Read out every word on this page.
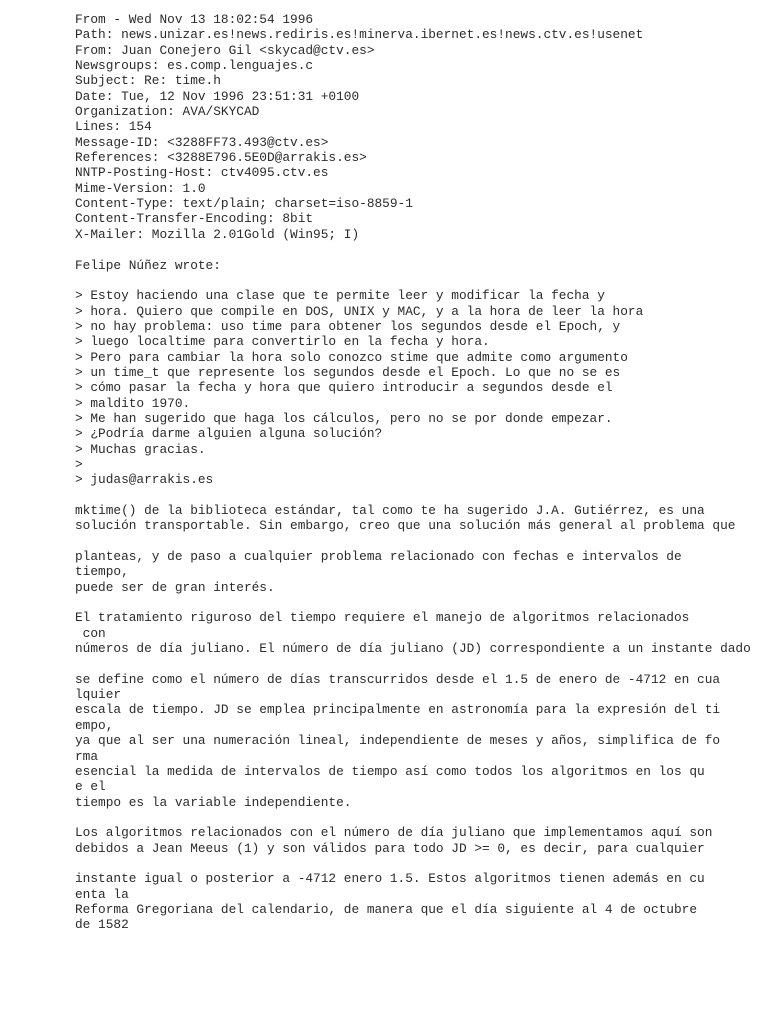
From - Wed Nov 13 18:02:54 1996
Path: news.unizar.es!news.rediris.es!minerva.ibernet.es!news.ctv.es!usenet
From: Juan Conejero Gil <skycad@ctv.es>
Newsgroups: es.comp.lenguajes.c
Subject: Re: time.h
Date: Tue, 12 Nov 1996 23:51:31 +0100
Organization: AVA/SKYCAD
Lines: 154
Message-ID: <3288FF73.493@ctv.es>
References: <3288E796.5E0D@arrakis.es>
NNTP-Posting-Host: ctv4095.ctv.es
Mime-Version: 1.0
Content-Type: text/plain; charset=iso-8859-1
Content-Transfer-Encoding: 8bit
X-Mailer: Mozilla 2.01Gold (Win95; I)
Felipe Núñez wrote:
> Estoy haciendo una clase que te permite leer y modificar la fecha y
> hora. Quiero que compile en DOS, UNIX y MAC, y a la hora de leer la hora
> no hay problema: uso time para obtener los segundos desde el Epoch, y
> luego localtime para convertirlo en la fecha y hora.
> Pero para cambiar la hora solo conozco stime que admite como argumento
> un time_t que represente los segundos desde el Epoch. Lo que no se es
> cómo pasar la fecha y hora que quiero introducir a segundos desde el
> maldito 1970.
> Me han sugerido que haga los cálculos, pero no se por donde empezar.
> ¿Podría darme alguien alguna solución?
> Muchas gracias.
>
> judas@arrakis.es
mktime() de la biblioteca estándar, tal como te ha sugerido J.A. Gutiérrez, es una
solución transportable. Sin embargo, creo que una solución más general al problema que
planteas, y de paso a cualquier problema relacionado con fechas e intervalos de
tiempo,
puede ser de gran interés.
El tratamiento riguroso del tiempo requiere el manejo de algoritmos relacionados
con
números de día juliano. El número de día juliano (JD) correspondiente a un instante dado
se define como el número de días transcurridos desde el 1.5 de enero de -4712 en cua
lquier
escala de tiempo. JD se emplea principalmente en astronomía para la expresión del ti
empo,
ya que al ser una numeración lineal, independiente de meses y años, simplifica de fo
rma
esencial la medida de intervalos de tiempo así como todos los algoritmos en los qu
e el
tiempo es la variable independiente.
Los algoritmos relacionados con el número de día juliano que implementamos aquí son
debidos a Jean Meeus (1) y son válidos para todo JD >= 0, es decir, para cualquier
instante igual o posterior a -4712 enero 1.5. Estos algoritmos tienen además en cu
enta la
Reforma Gregoriana del calendario, de manera que el día siguiente al 4 de octubre
de 1582
